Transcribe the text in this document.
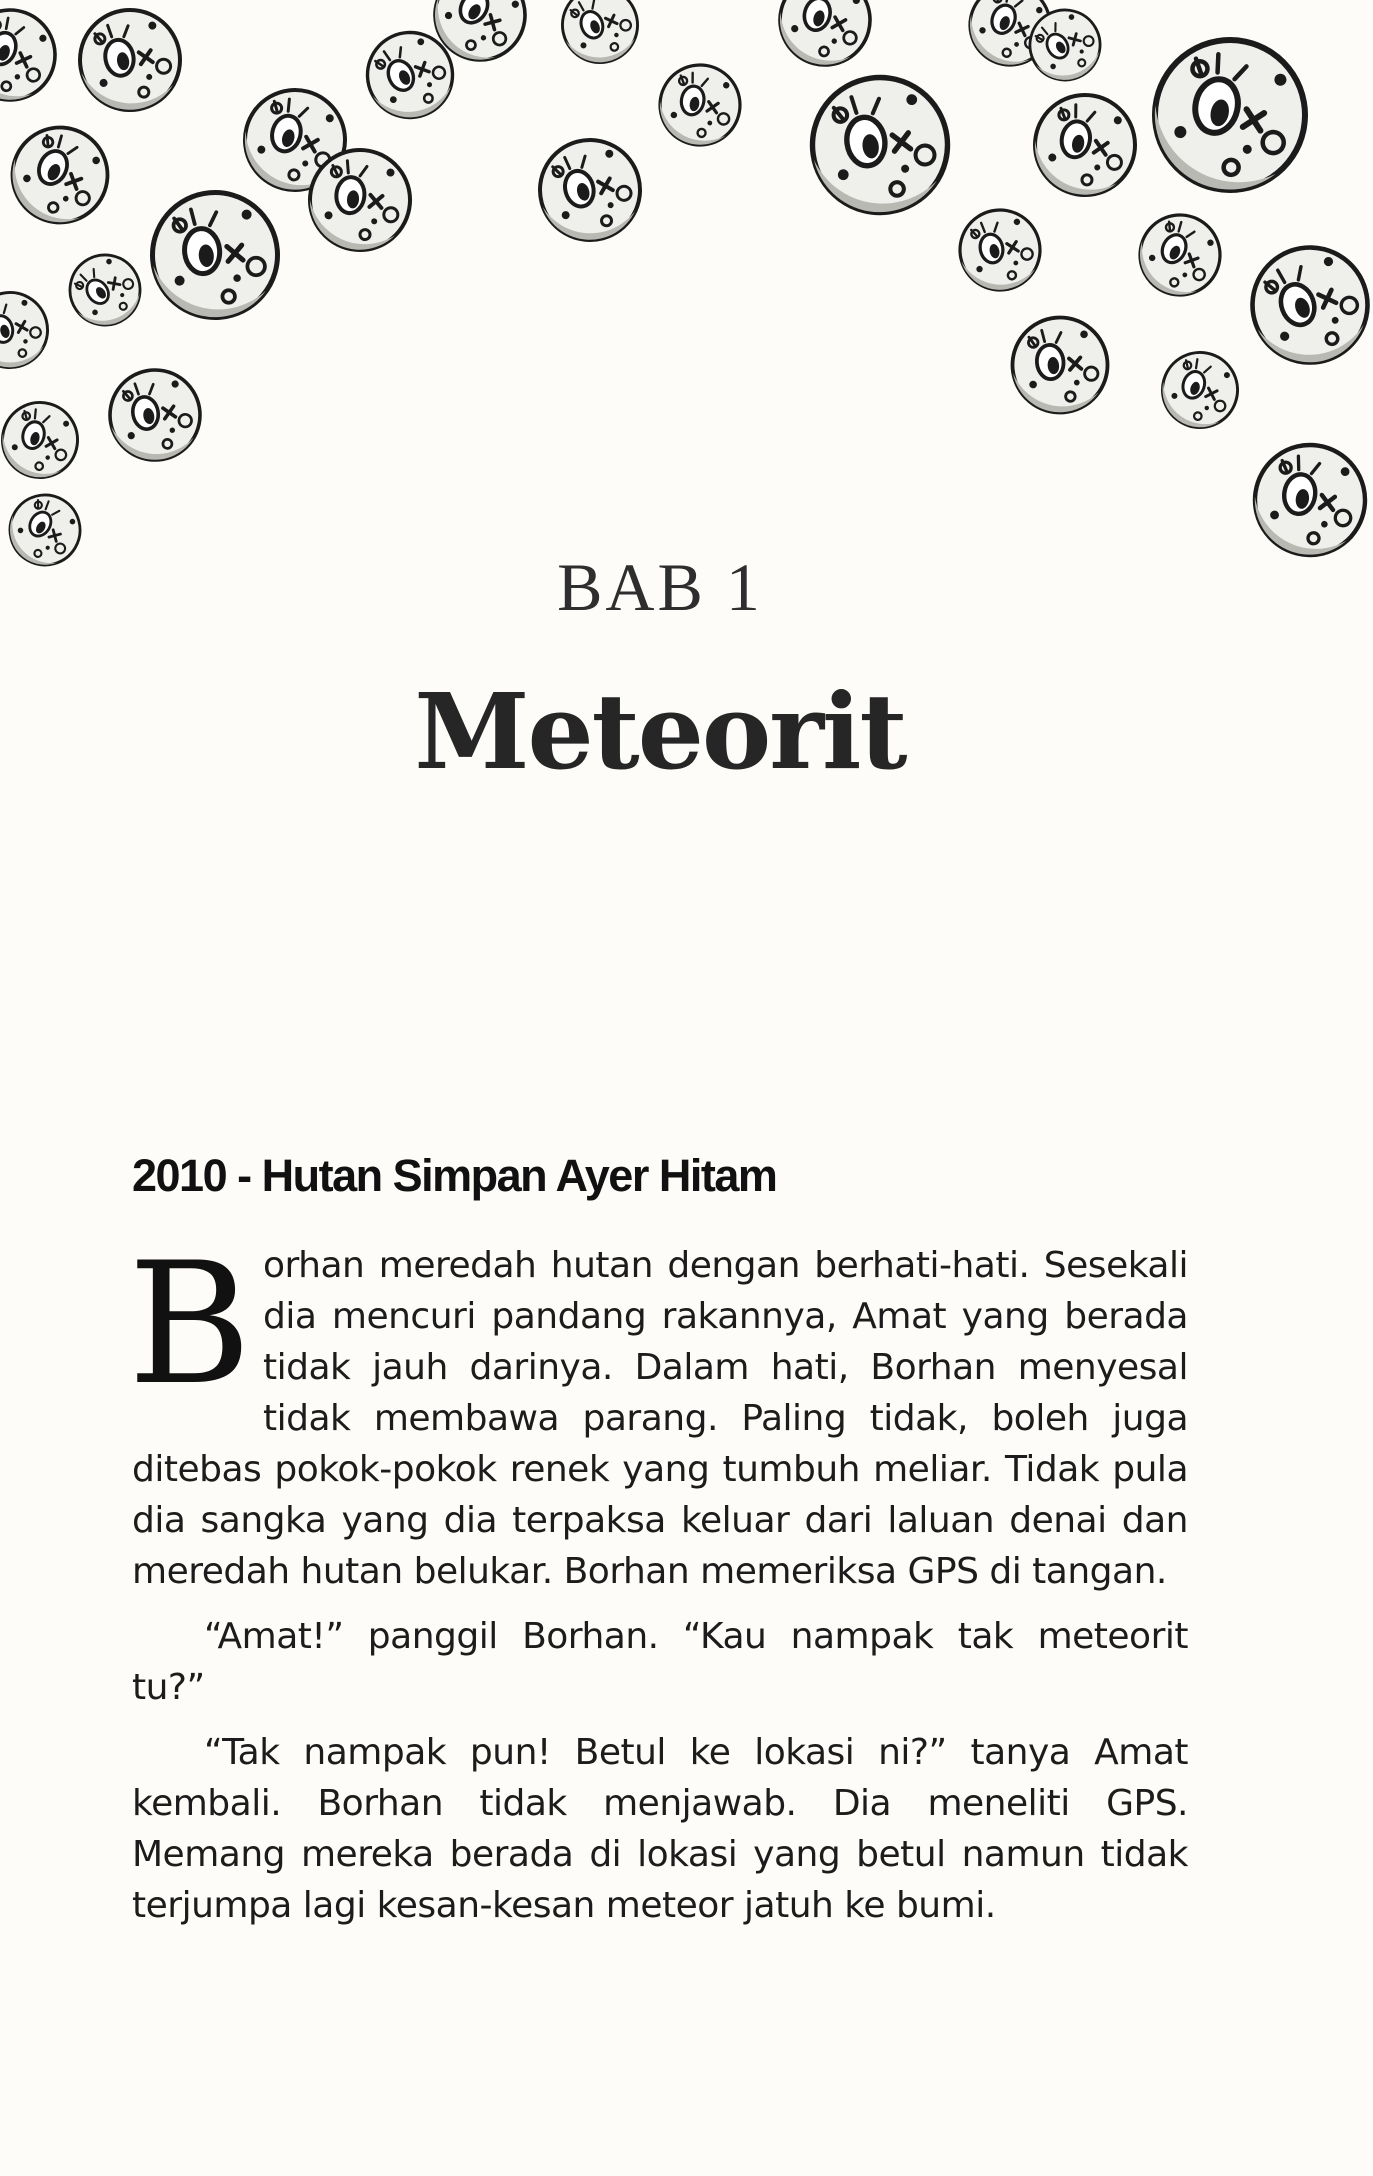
BAB 1
Meteorit
2010 - Hutan Simpan Ayer Hitam

Borhan meredah hutan dengan berhati-hati. Sesekali dia mencuri pandang rakannya, Amat yang berada tidak jauh darinya. Dalam hati, Borhan menyesal tidak membawa parang. Paling tidak, boleh juga ditebas pokok-pokok renek yang tumbuh meliar. Tidak pula dia sangka yang dia terpaksa keluar dari laluan denai dan meredah hutan belukar. Borhan memeriksa GPS di tangan.

“Amat!” panggil Borhan. “Kau nampak tak meteorit tu?”

“Tak nampak pun! Betul ke lokasi ni?” tanya Amat kembali. Borhan tidak menjawab. Dia meneliti GPS. Memang mereka berada di lokasi yang betul namun tidak terjumpa lagi kesan-kesan meteor jatuh ke bumi.
